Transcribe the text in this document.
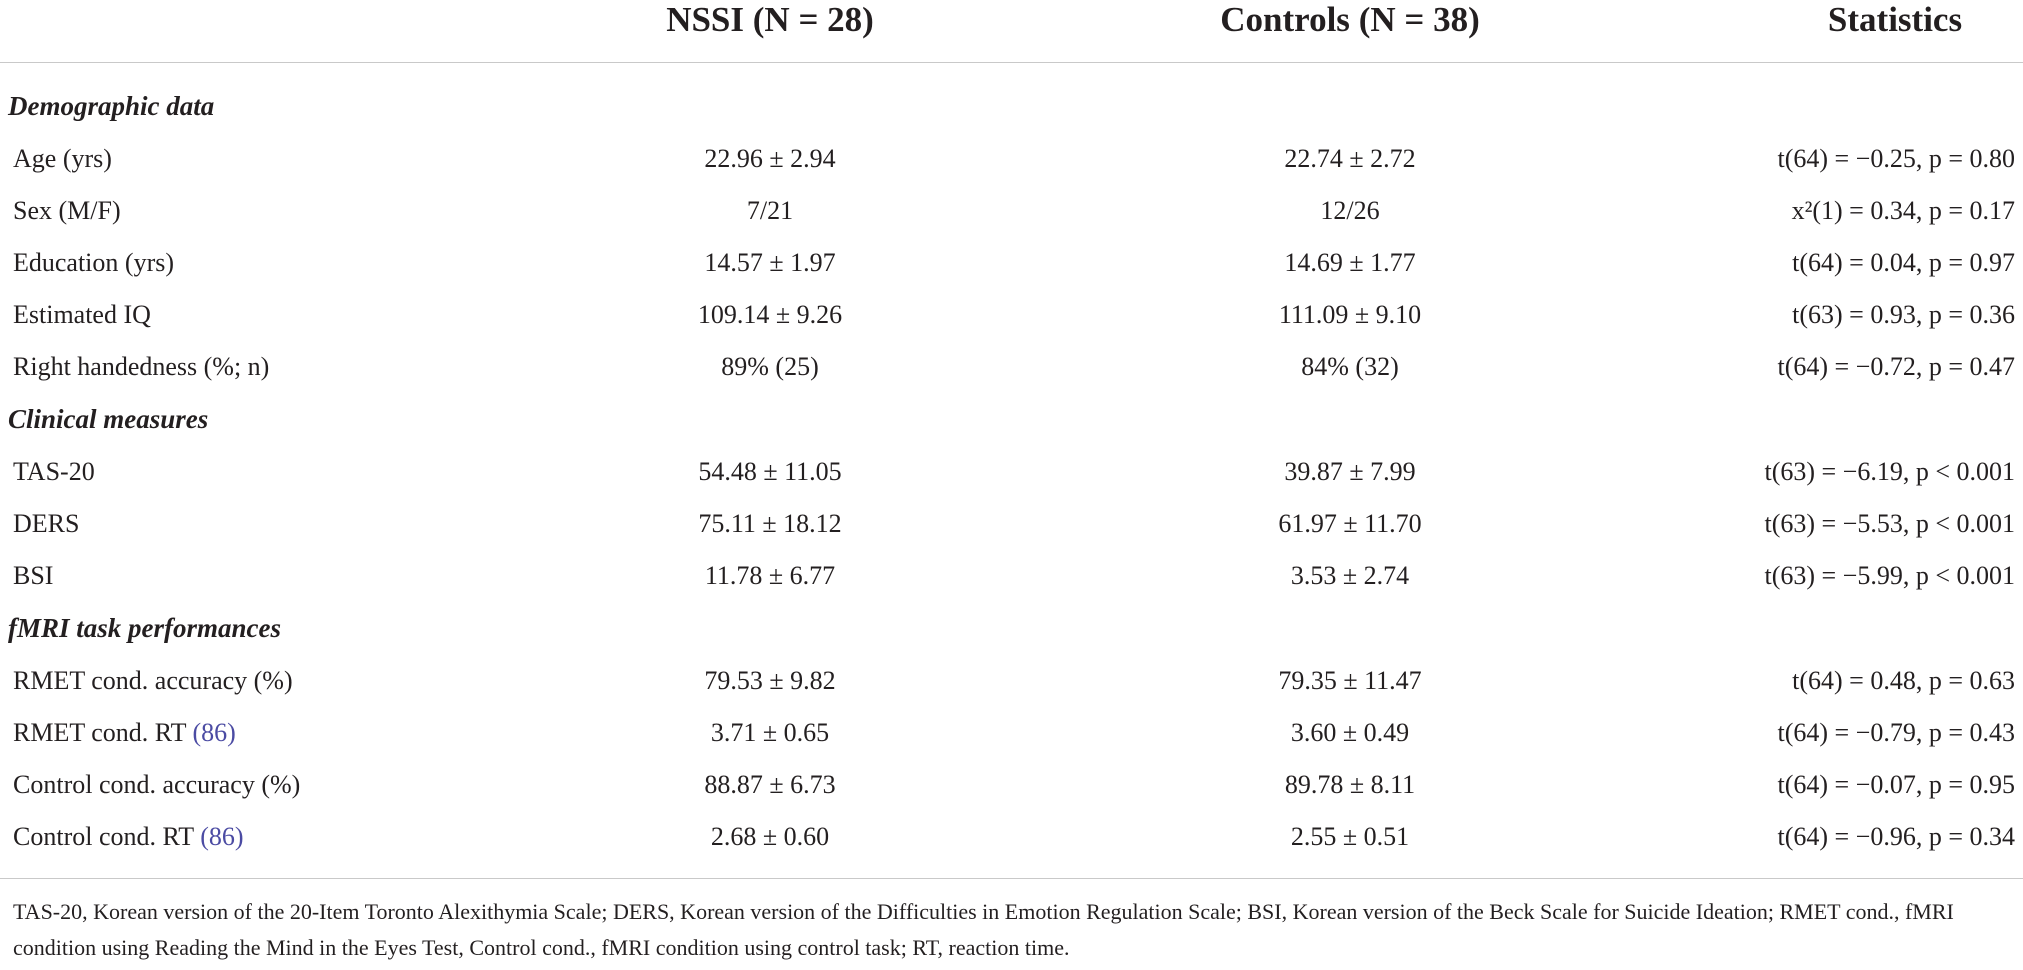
NSSI (N = 28)	Controls (N = 38)	Statistics
Demographic data
Age (yrs)	22.96 ± 2.94	22.74 ± 2.72	t(64) = −0.25, p = 0.80
Sex (M/F)	7/21	12/26	x²(1) = 0.34, p = 0.17
Education (yrs)	14.57 ± 1.97	14.69 ± 1.77	t(64) = 0.04, p = 0.97
Estimated IQ	109.14 ± 9.26	111.09 ± 9.10	t(63) = 0.93, p = 0.36
Right handedness (%; n)	89% (25)	84% (32)	t(64) = −0.72, p = 0.47
Clinical measures
TAS-20	54.48 ± 11.05	39.87 ± 7.99	t(63) = −6.19, p < 0.001
DERS	75.11 ± 18.12	61.97 ± 11.70	t(63) = −5.53, p < 0.001
BSI	11.78 ± 6.77	3.53 ± 2.74	t(63) = −5.99, p < 0.001
fMRI task performances
RMET cond. accuracy (%)	79.53 ± 9.82	79.35 ± 11.47	t(64) = 0.48, p = 0.63
RMET cond. RT (86)	3.71 ± 0.65	3.60 ± 0.49	t(64) = −0.79, p = 0.43
Control cond. accuracy (%)	88.87 ± 6.73	89.78 ± 8.11	t(64) = −0.07, p = 0.95
Control cond. RT (86)	2.68 ± 0.60	2.55 ± 0.51	t(64) = −0.96, p = 0.34
TAS-20, Korean version of the 20-Item Toronto Alexithymia Scale; DERS, Korean version of the Difficulties in Emotion Regulation Scale; BSI, Korean version of the Beck Scale for Suicide Ideation; RMET cond., fMRI condition using Reading the Mind in the Eyes Test, Control cond., fMRI condition using control task; RT, reaction time.
